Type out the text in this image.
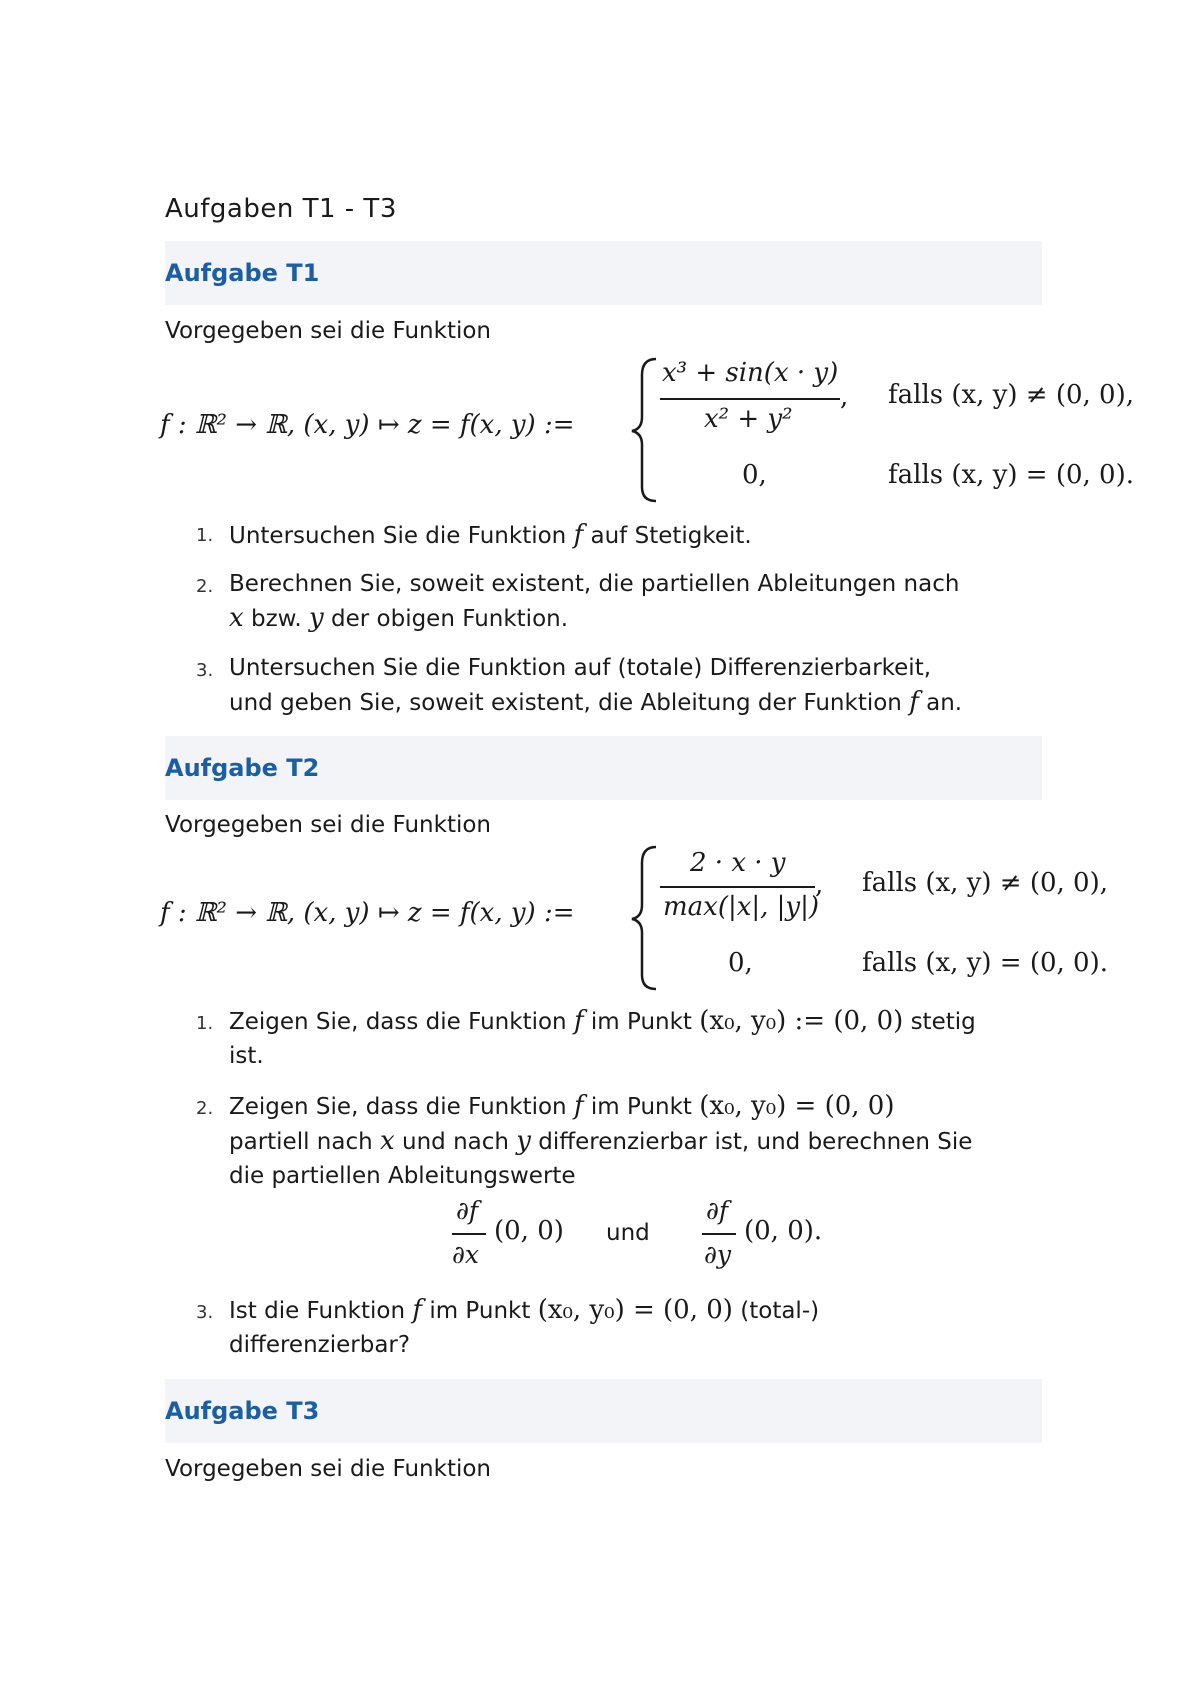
Aufgaben T1 - T3
Aufgabe T1
Vorgegeben sei die Funktion
f : ℝ² → ℝ, (x, y) ↦ z = f(x, y) :=
x³ + sin(x · y)
x² + y²
, falls (x, y) ≠ (0, 0),
0,	falls (x, y) = (0, 0).
1. Untersuchen Sie die Funktion f auf Stetigkeit.
2. Berechnen Sie, soweit existent, die partiellen Ableitungen nach
x bzw. y der obigen Funktion.
3. Untersuchen Sie die Funktion auf (totale) Differenzierbarkeit,
und geben Sie, soweit existent, die Ableitung der Funktion f an.
Aufgabe T2
Vorgegeben sei die Funktion
f : ℝ² → ℝ, (x, y) ↦ z = f(x, y) :=
2 · x · y
max(|x|, |y|)
, falls (x, y) ≠ (0, 0),
0,	falls (x, y) = (0, 0).
1. Zeigen Sie, dass die Funktion f im Punkt (x₀, y₀) := (0, 0) stetig
ist.
2. Zeigen Sie, dass die Funktion f im Punkt (x₀, y₀) = (0, 0)
partiell nach x und nach y differenzierbar ist, und berechnen Sie
die partiellen Ableitungswerte
∂f
∂x
(0, 0) und
∂f
∂y
(0, 0).
3. Ist die Funktion f im Punkt (x₀, y₀) = (0, 0) (total-)
differenzierbar?
Aufgabe T3
Vorgegeben sei die Funktion
